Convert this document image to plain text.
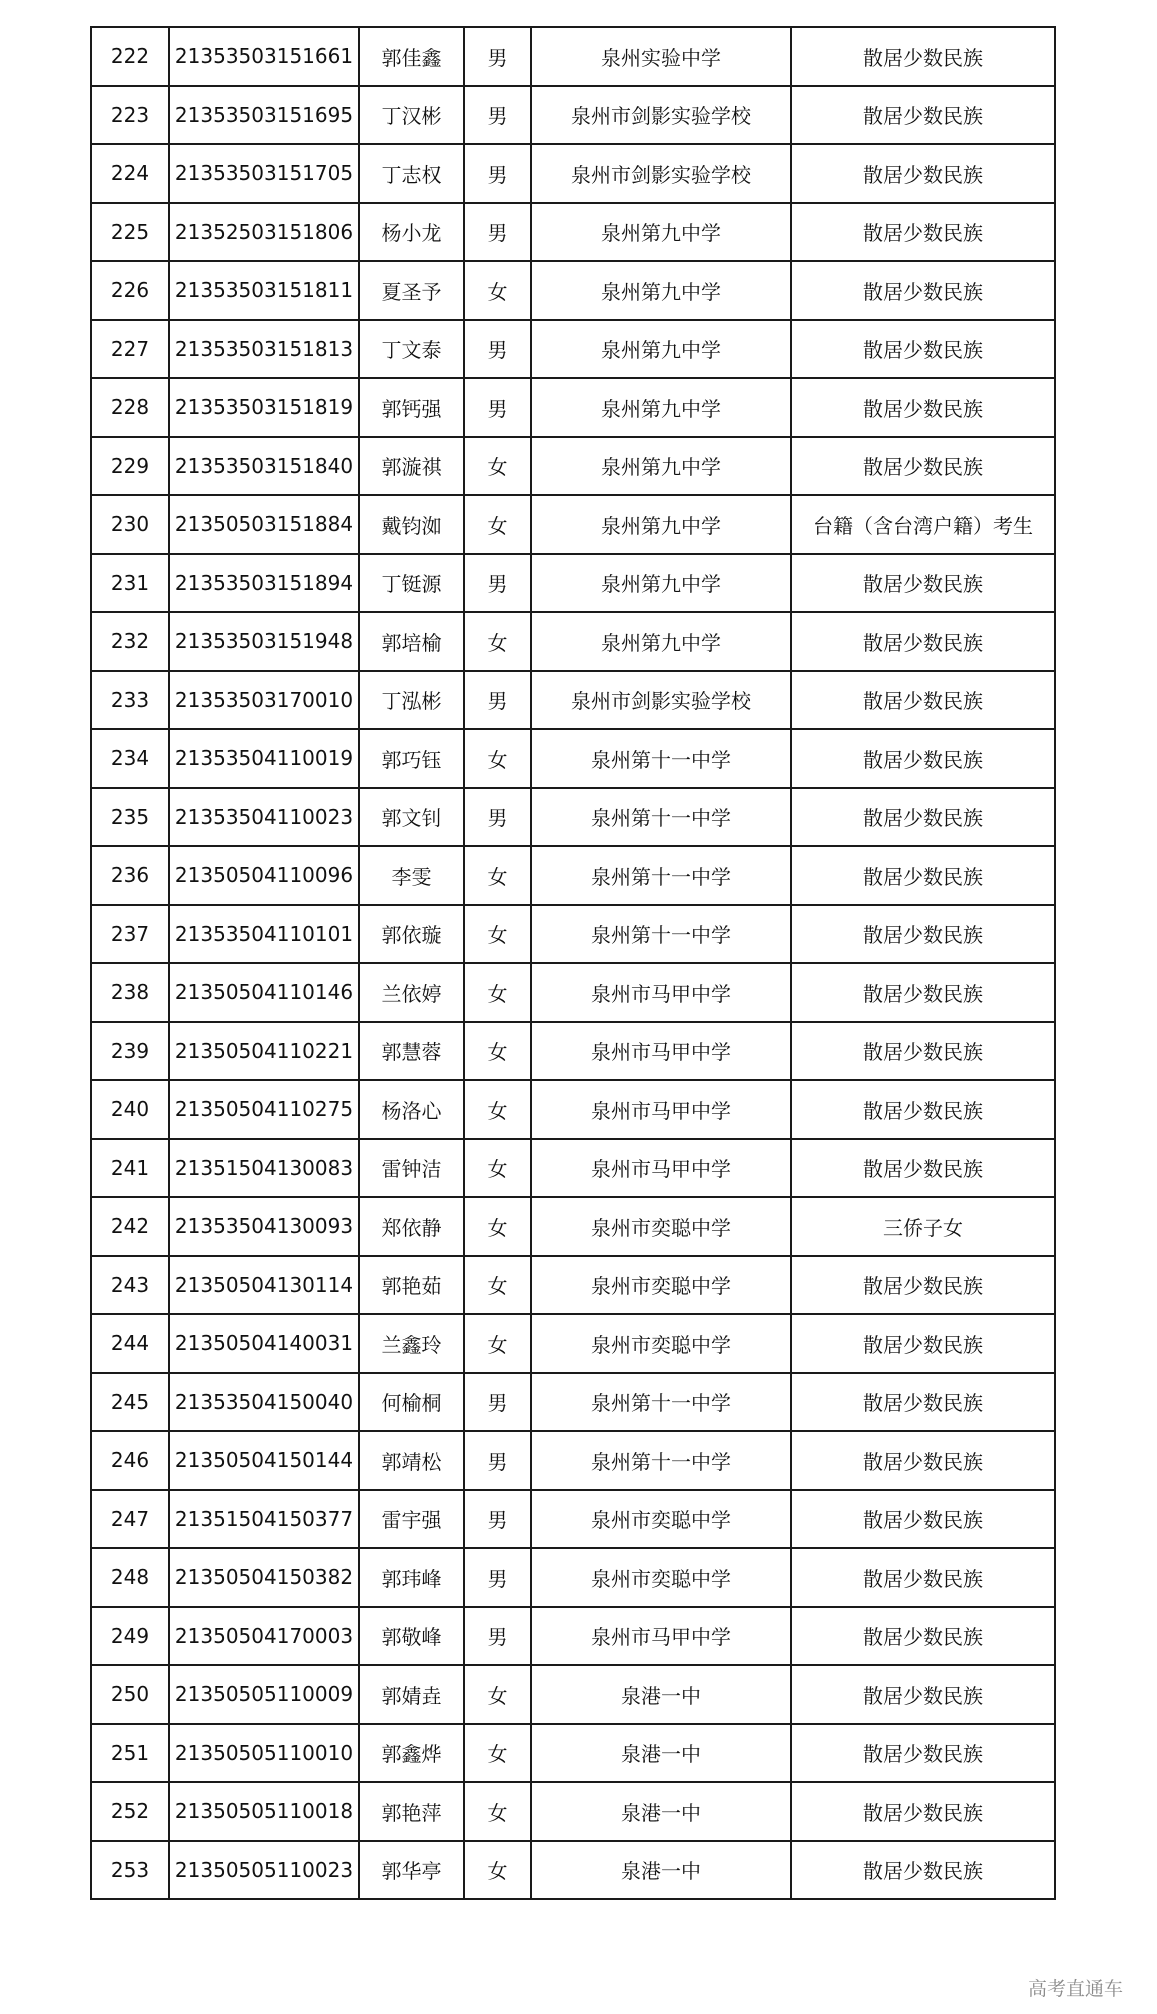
222	21353503151661	郭佳鑫	男	泉州实验中学	散居少数民族
223	21353503151695	丁汉彬	男	泉州市剑影实验学校	散居少数民族
224	21353503151705	丁志权	男	泉州市剑影实验学校	散居少数民族
225	21352503151806	杨小龙	男	泉州第九中学	散居少数民族
226	21353503151811	夏圣予	女	泉州第九中学	散居少数民族
227	21353503151813	丁文泰	男	泉州第九中学	散居少数民族
228	21353503151819	郭钙强	男	泉州第九中学	散居少数民族
229	21353503151840	郭漩祺	女	泉州第九中学	散居少数民族
230	21350503151884	戴钧洳	女	泉州第九中学	台籍（含台湾户籍）考生
231	21353503151894	丁铤源	男	泉州第九中学	散居少数民族
232	21353503151948	郭培榆	女	泉州第九中学	散居少数民族
233	21353503170010	丁泓彬	男	泉州市剑影实验学校	散居少数民族
234	21353504110019	郭巧钰	女	泉州第十一中学	散居少数民族
235	21353504110023	郭文钊	男	泉州第十一中学	散居少数民族
236	21350504110096	李雯	女	泉州第十一中学	散居少数民族
237	21353504110101	郭依璇	女	泉州第十一中学	散居少数民族
238	21350504110146	兰依婷	女	泉州市马甲中学	散居少数民族
239	21350504110221	郭慧蓉	女	泉州市马甲中学	散居少数民族
240	21350504110275	杨洛心	女	泉州市马甲中学	散居少数民族
241	21351504130083	雷钟洁	女	泉州市马甲中学	散居少数民族
242	21353504130093	郑依静	女	泉州市奕聪中学	三侨子女
243	21350504130114	郭艳茹	女	泉州市奕聪中学	散居少数民族
244	21350504140031	兰鑫玲	女	泉州市奕聪中学	散居少数民族
245	21353504150040	何榆桐	男	泉州第十一中学	散居少数民族
246	21350504150144	郭靖松	男	泉州第十一中学	散居少数民族
247	21351504150377	雷宇强	男	泉州市奕聪中学	散居少数民族
248	21350504150382	郭玮峰	男	泉州市奕聪中学	散居少数民族
249	21350504170003	郭敬峰	男	泉州市马甲中学	散居少数民族
250	21350505110009	郭婧垚	女	泉港一中	散居少数民族
251	21350505110010	郭鑫烨	女	泉港一中	散居少数民族
252	21350505110018	郭艳萍	女	泉港一中	散居少数民族
253	21350505110023	郭华亭	女	泉港一中	散居少数民族
高考直通车
